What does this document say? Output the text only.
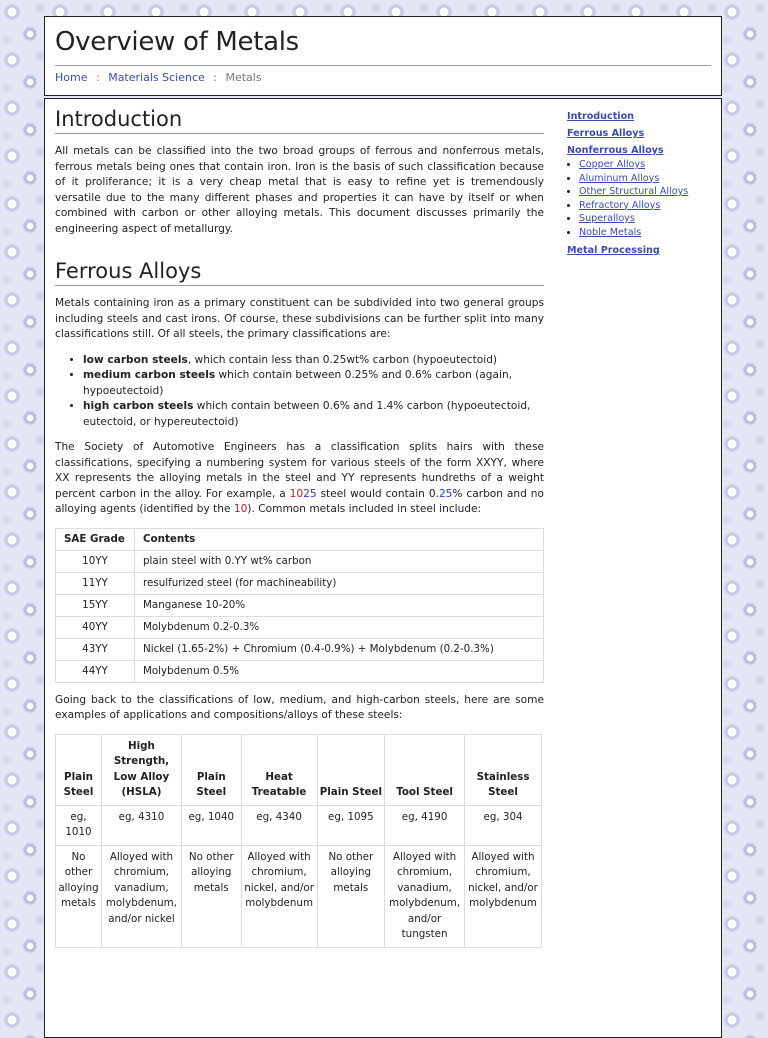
Overview of Metals
Home : Materials Science : Metals
Introduction

All metals can be classified into the two broad groups of ferrous and nonferrous metals, ferrous metals being ones that contain iron. Iron is the basis of such classification because of it proliferance; it is a very cheap metal that is easy to refine yet is tremendously versatile due to the many different phases and properties it can have by itself or when combined with carbon or other alloying metals. This document discusses primarily the engineering aspect of metallurgy.

Ferrous Alloys

Metals containing iron as a primary constituent can be subdivided into two general groups including steels and cast irons. Of course, these subdivisions can be further split into many classifications still. Of all steels, the primary classifications are:

• low carbon steels, which contain less than 0.25wt% carbon (hypoeutectoid)
• medium carbon steels which contain between 0.25% and 0.6% carbon (again, hypoeutectoid)
• high carbon steels which contain between 0.6% and 1.4% carbon (hypoeutectoid, eutectoid, or hypereutectoid)

The Society of Automotive Engineers has a classification splits hairs with these classifications, specifying a numbering system for various steels of the form XXYY, where XX represents the alloying metals in the steel and YY represents hundreths of a weight percent carbon in the alloy. For example, a 1025 steel would contain 0.25% carbon and no alloying agents (identified by the 10). Common metals included in steel include:

SAE Grade	Contents
10YY	plain steel with 0.YY wt% carbon
11YY	resulfurized steel (for machineability)
15YY	Manganese 10-20%
40YY	Molybdenum 0.2-0.3%
43YY	Nickel (1.65-2%) + Chromium (0.4-0.9%) + Molybdenum (0.2-0.3%)
44YY	Molybdenum 0.5%

Going back to the classifications of low, medium, and high-carbon steels, here are some examples of applications and compositions/alloys of these steels:

Plain Steel	High Strength, Low Alloy (HSLA)	Plain Steel	Heat Treatable	Plain Steel	Tool Steel	Stainless Steel
eg, 1010	eg, 4310	eg, 1040	eg, 4340	eg, 1095	eg, 4190	eg, 304
No other alloying metals	Alloyed with chromium, vanadium, molybdenum, and/or nickel	No other alloying metals	Alloyed with chromium, nickel, and/or molybdenum	No other alloying metals	Alloyed with chromium, vanadium, molybdenum, and/or tungsten	Alloyed with chromium, nickel, and/or molybdenum
Introduction
Ferrous Alloys
Nonferrous Alloys
• Copper Alloys
• Aluminum Alloys
• Other Structural Alloys
• Refractory Alloys
• Superalloys
• Noble Metals
Metal Processing
